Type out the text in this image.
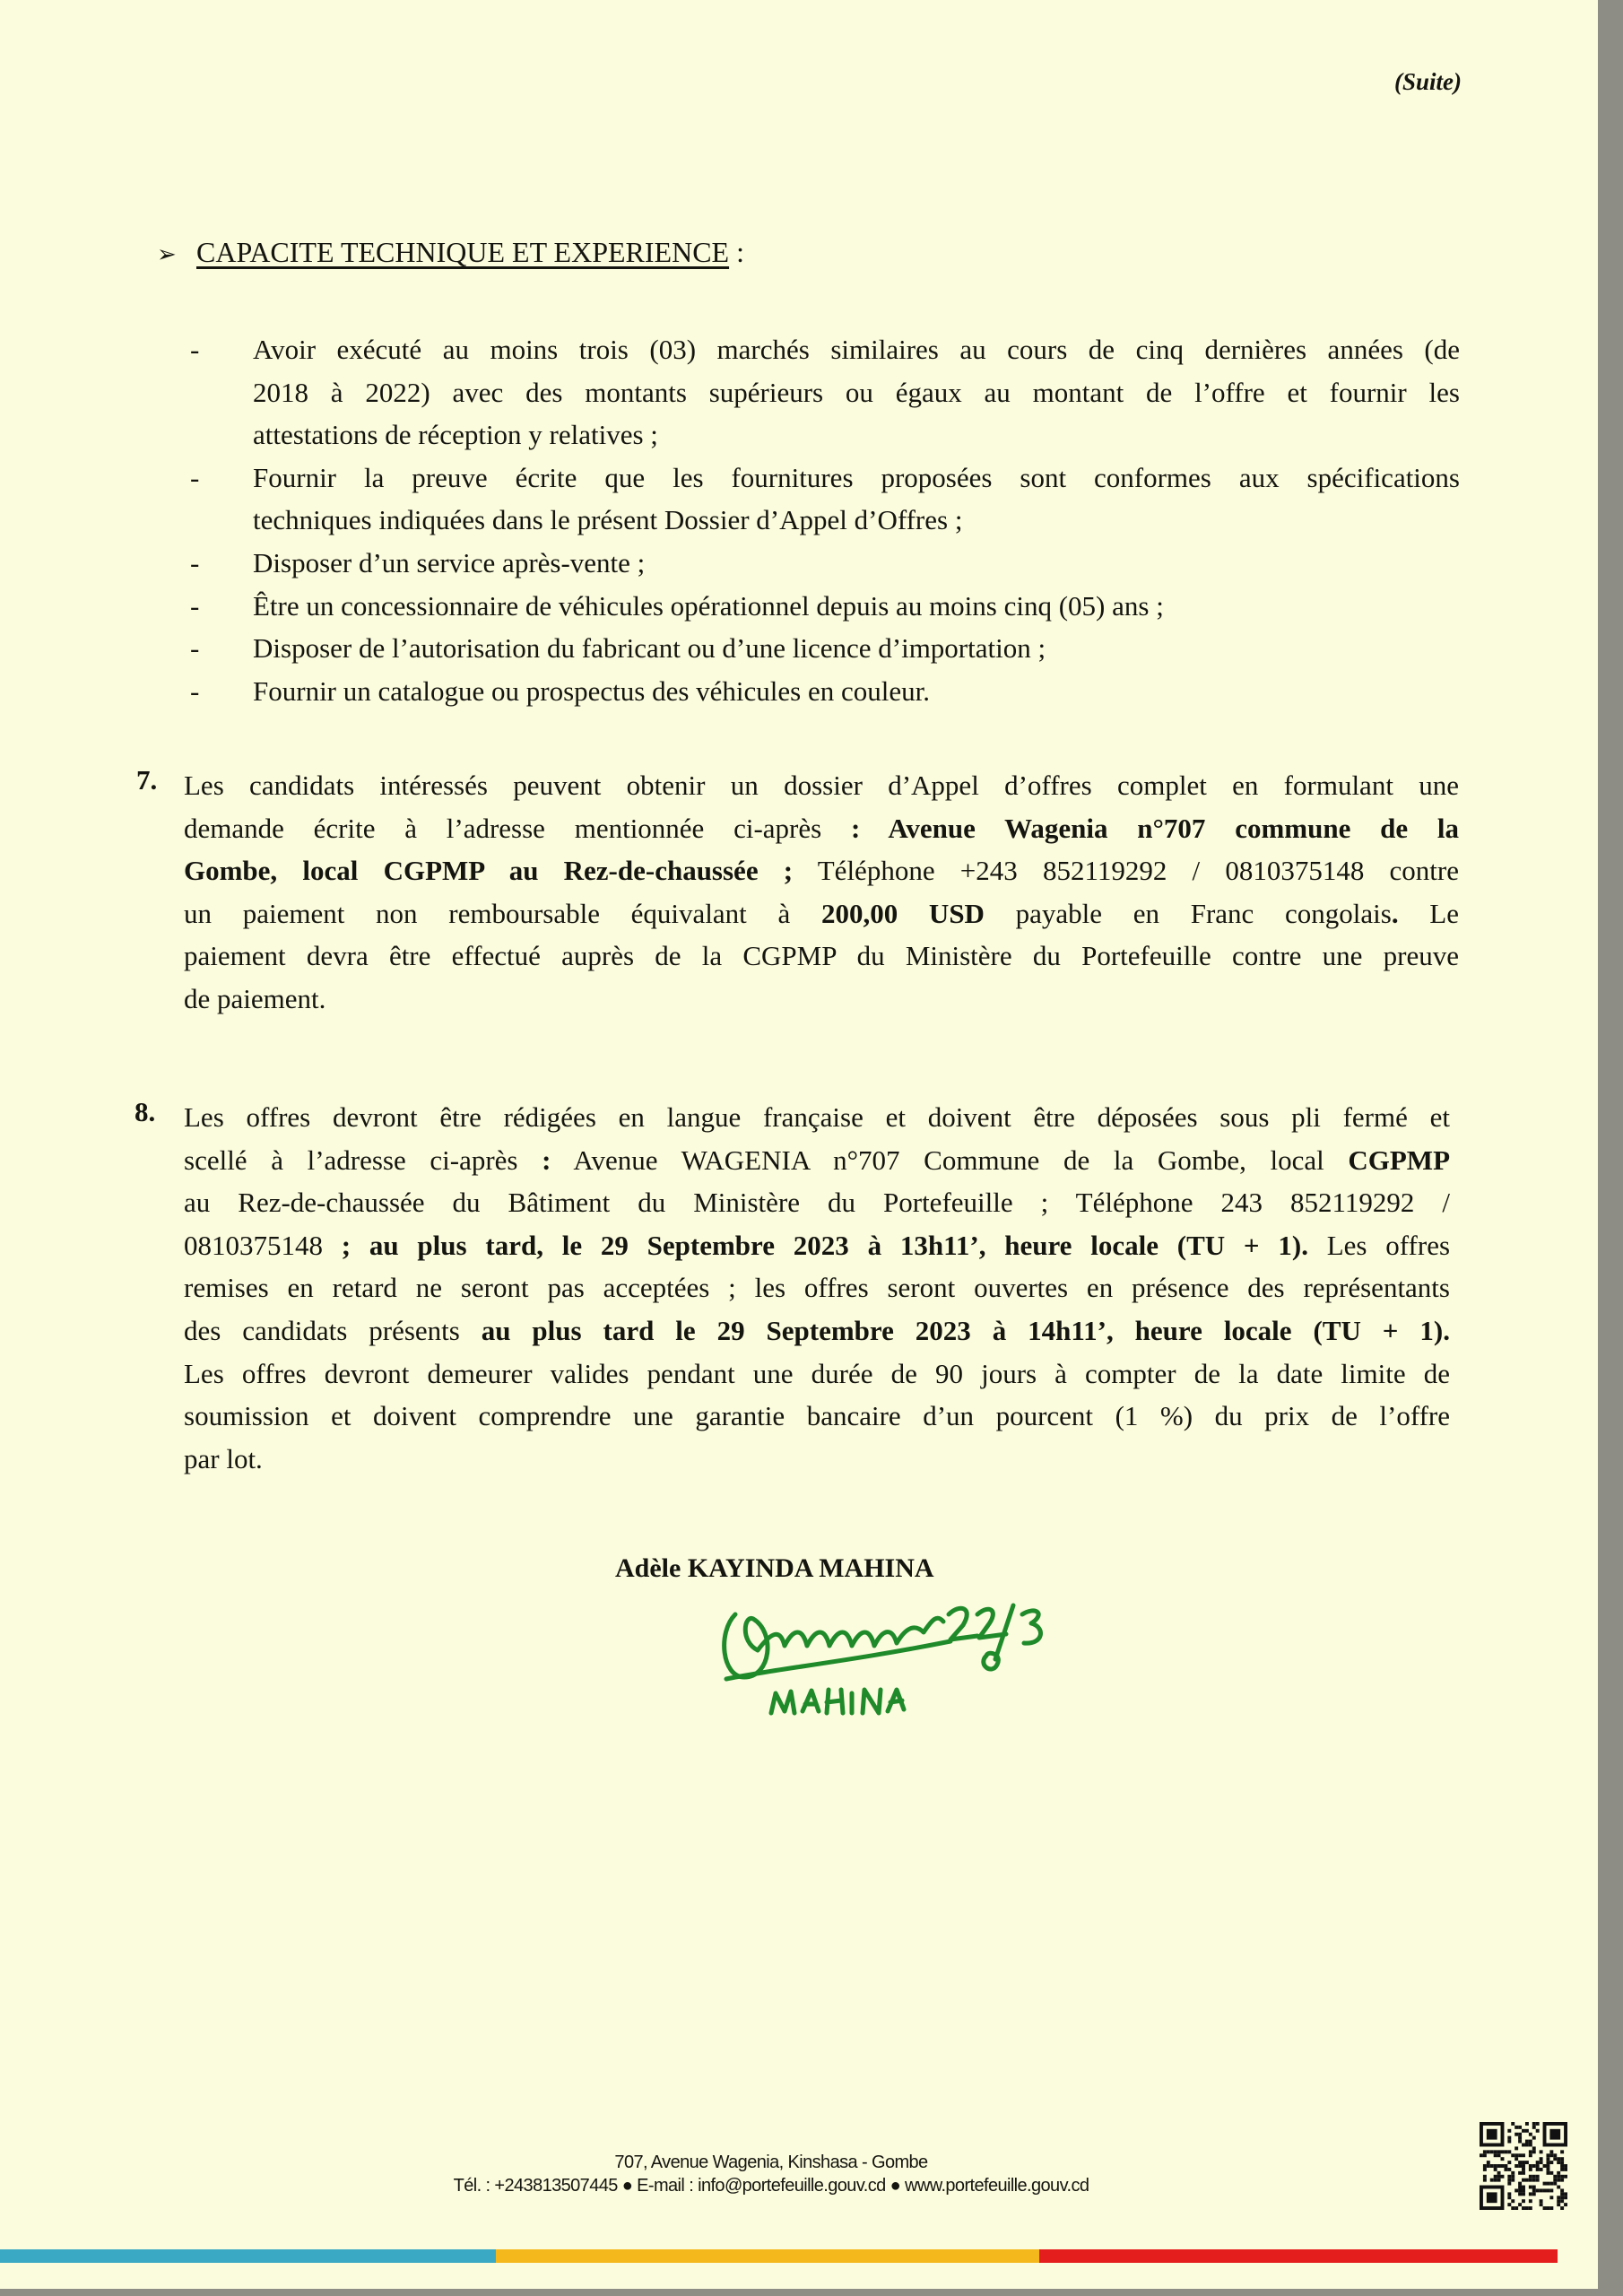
(Suite)
➢ CAPACITE TECHNIQUE ET EXPERIENCE :
- Avoir exécuté au moins trois (03) marchés similaires au cours de cinq dernières années (de
2018 à 2022) avec des montants supérieurs ou égaux au montant de l’offre et fournir les
attestations de réception y relatives ;
- Fournir la preuve écrite que les fournitures proposées sont conformes aux spécifications
techniques indiquées dans le présent Dossier d’Appel d’Offres ;
- Disposer d’un service après-vente ;
- Être un concessionnaire de véhicules opérationnel depuis au moins cinq (05) ans ;
- Disposer de l’autorisation du fabricant ou d’une licence d’importation ;
- Fournir un catalogue ou prospectus des véhicules en couleur.
7. Les candidats intéressés peuvent obtenir un dossier d’Appel d’offres complet en formulant une
demande écrite à l’adresse mentionnée ci-après : Avenue Wagenia n°707 commune de la
Gombe, local CGPMP au Rez-de-chaussée ; Téléphone +243 852119292 / 0810375148 contre
un paiement non remboursable équivalant à 200,00 USD payable en Franc congolais. Le
paiement devra être effectué auprès de la CGPMP du Ministère du Portefeuille contre une preuve
de paiement.
8. Les offres devront être rédigées en langue française et doivent être déposées sous pli fermé et
scellé à l’adresse ci-après : Avenue WAGENIA n°707 Commune de la Gombe, local CGPMP
au Rez-de-chaussée du Bâtiment du Ministère du Portefeuille ; Téléphone 243 852119292 /
0810375148 ; au plus tard, le 29 Septembre 2023 à 13h11’, heure locale (TU + 1). Les offres
remises en retard ne seront pas acceptées ; les offres seront ouvertes en présence des représentants
des candidats présents au plus tard le 29 Septembre 2023 à 14h11’, heure locale (TU + 1).
Les offres devront demeurer valides pendant une durée de 90 jours à compter de la date limite de
soumission et doivent comprendre une garantie bancaire d’un pourcent (1 %) du prix de l’offre
par lot.
Adèle KAYINDA MAHINA
707, Avenue Wagenia, Kinshasa - Gombe
Tél. : +243813507445 ● E-mail : info@portefeuille.gouv.cd ● www.portefeuille.gouv.cd
